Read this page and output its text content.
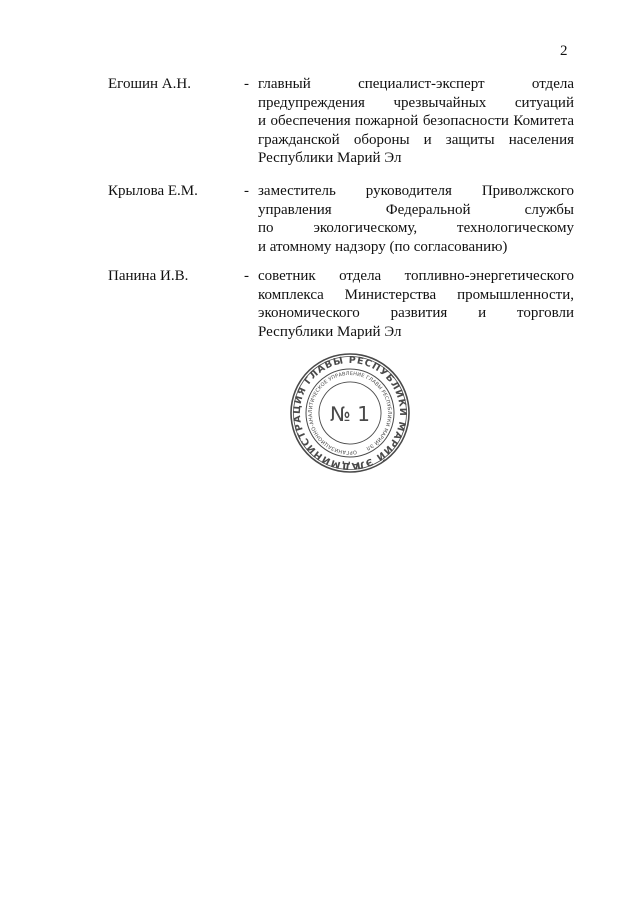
2
Егошин А.Н.	- главный специалист-эксперт отдела
предупреждения чрезвычайных ситуаций
и обеспечения пожарной безопасности Комитета
гражданской обороны и защиты населения
Республики Марий Эл
Крылова Е.М.	- заместитель руководителя Приволжского
управления Федеральной службы
по экологическому, технологическому
и атомному надзору (по согласованию)
Панина И.В.	- советник отдела топливно-энергетического
комплекса Министерства промышленности,
экономического развития и торговли
Республики Марий Эл
АДМИНИСТРАЦИЯ ГЛАВЫ РЕСПУБЛИКИ МАРИЙ ЭЛ
ОРГАНИЗАЦИОННО-АНАЛИТИЧЕСКОЕ УПРАВЛЕНИЕ ГЛАВЫ РЕСПУБЛИКИ МАРИЙ ЭЛ
№ 1
